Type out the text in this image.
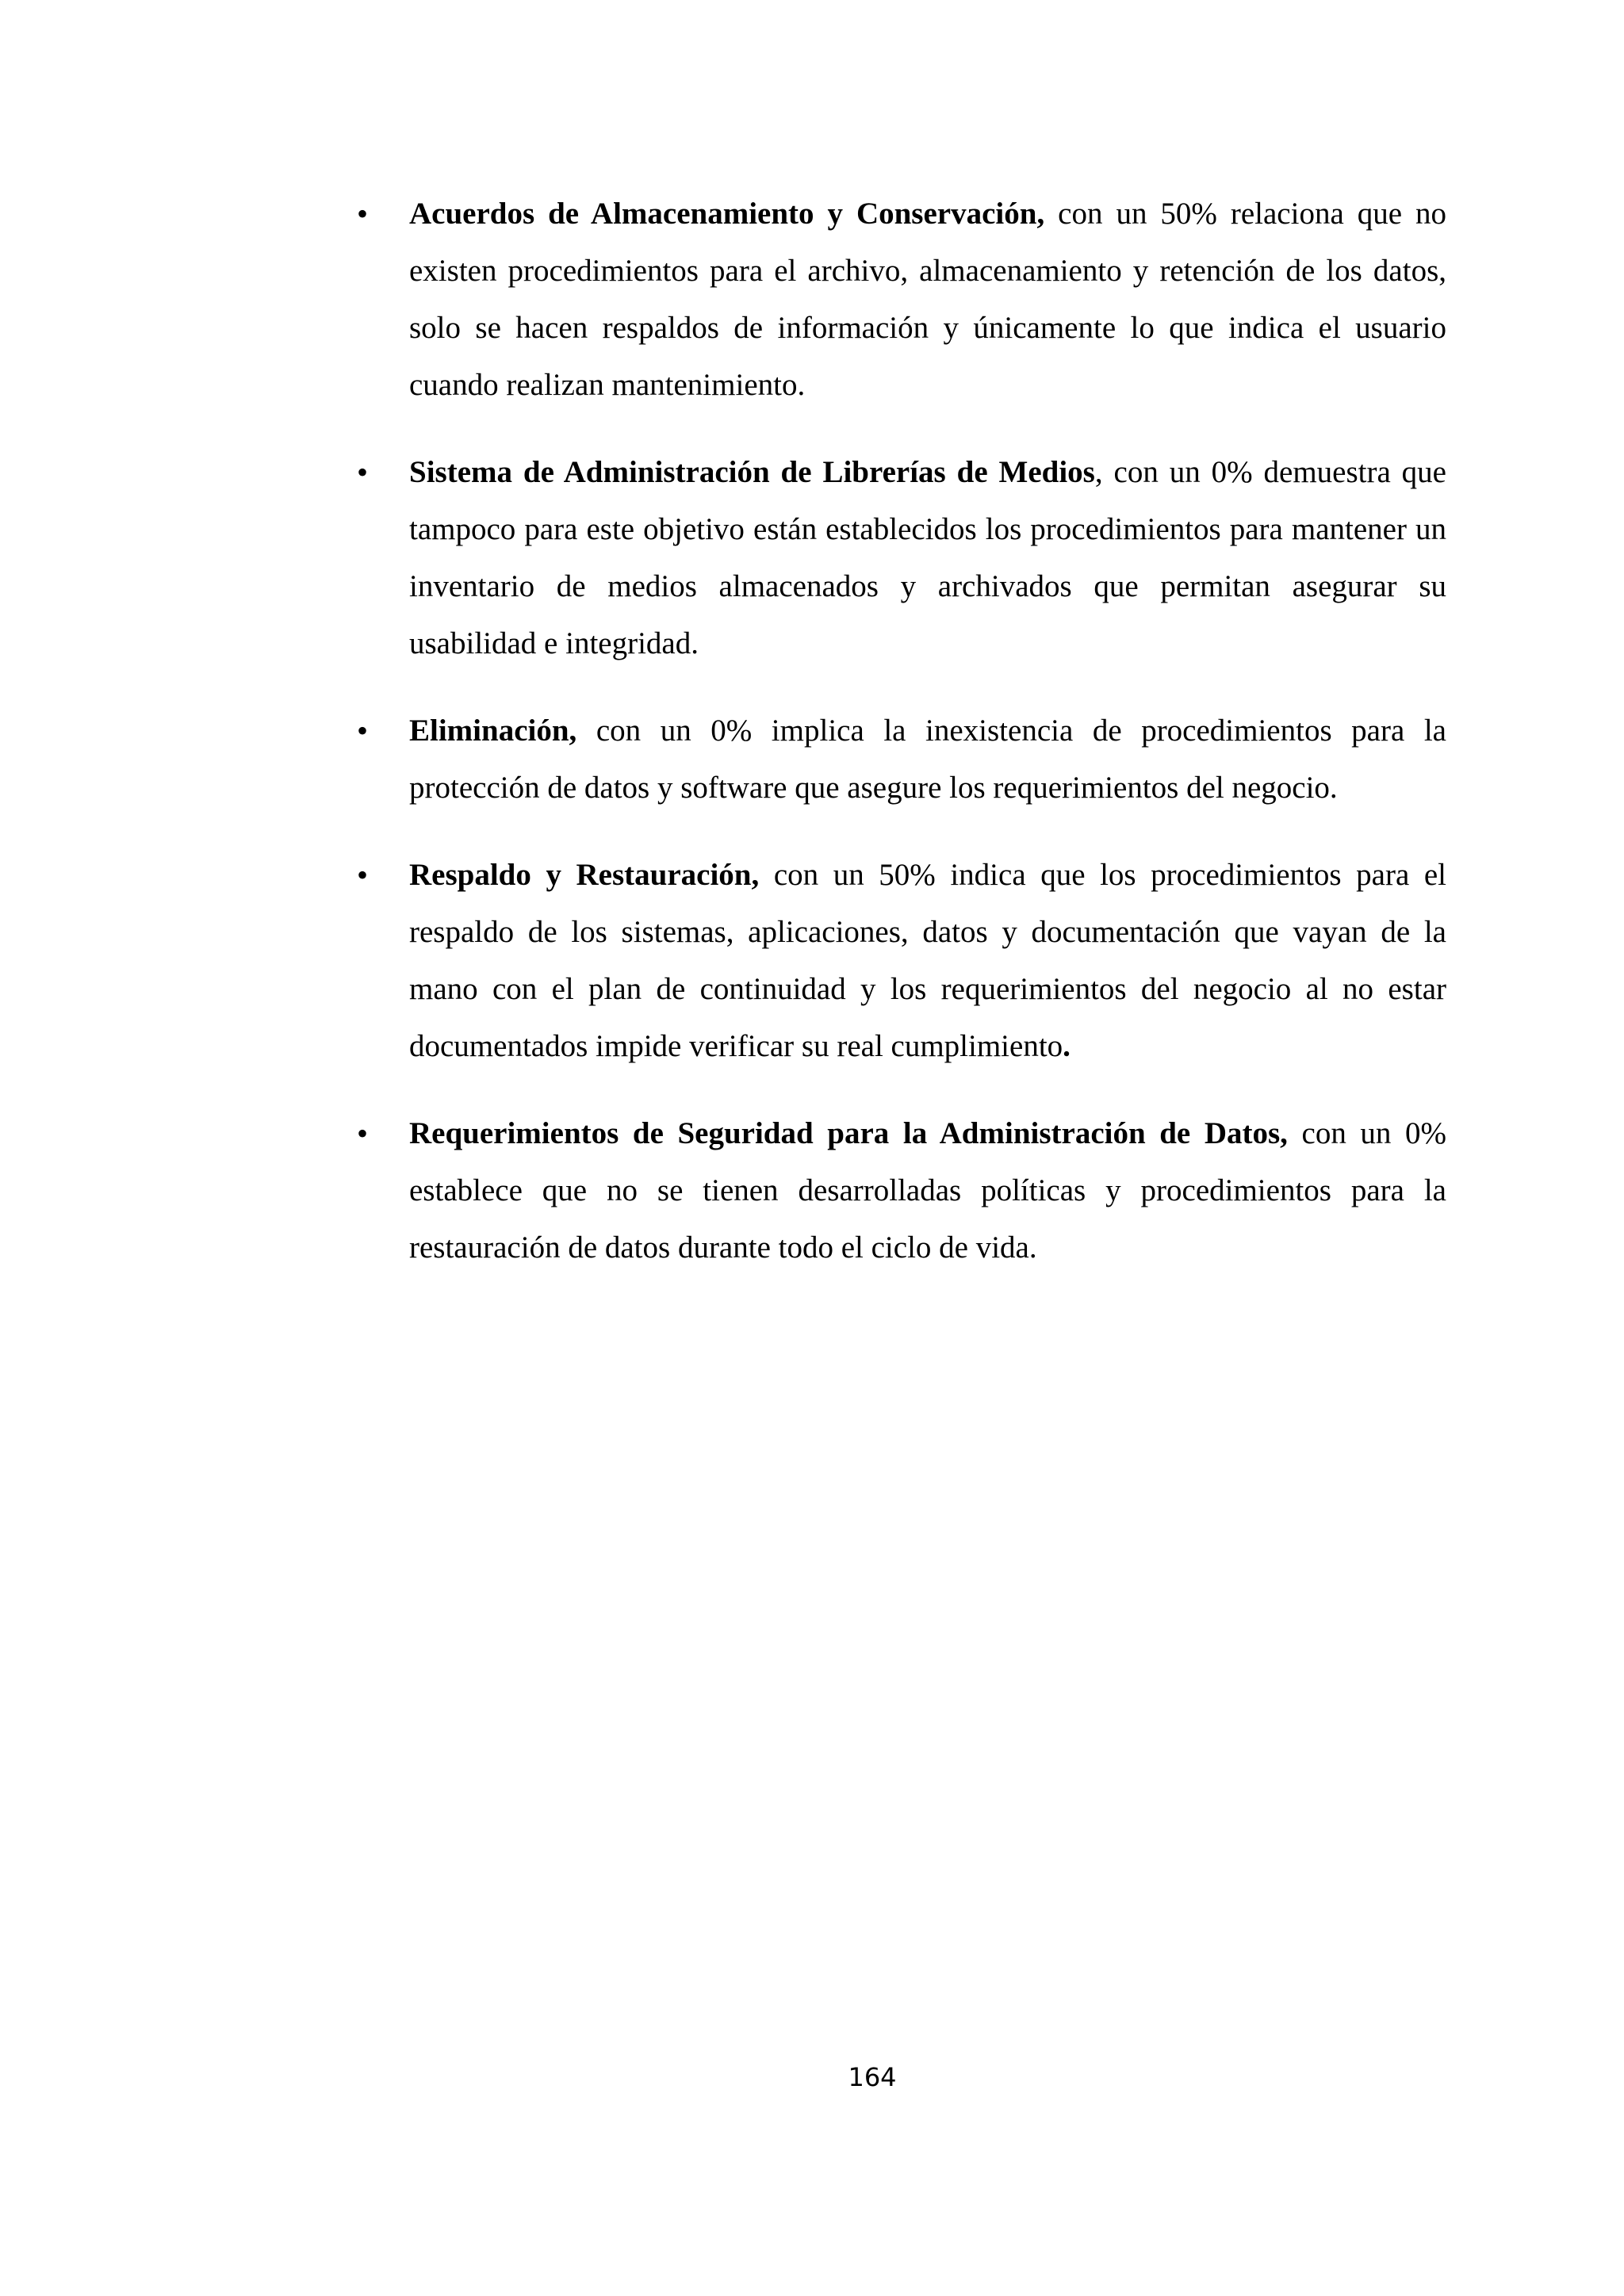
• Acuerdos de Almacenamiento y Conservación, con un 50% relaciona que no existen procedimientos para el archivo, almacenamiento y retención de los datos, solo se hacen respaldos de información y únicamente lo que indica el usuario cuando realizan mantenimiento.

• Sistema de Administración de Librerías de Medios, con un 0% demuestra que tampoco para este objetivo están establecidos los procedimientos para mantener un inventario de medios almacenados y archivados que permitan asegurar su usabilidad e integridad.

• Eliminación, con un 0% implica la inexistencia de procedimientos para la protección de datos y software que asegure los requerimientos del negocio.

• Respaldo y Restauración, con un 50% indica que los procedimientos para el respaldo de los sistemas, aplicaciones, datos y documentación que vayan de la mano con el plan de continuidad y los requerimientos del negocio al no estar documentados impide verificar su real cumplimiento.

• Requerimientos de Seguridad para la Administración de Datos, con un 0% establece que no se tienen desarrolladas políticas y procedimientos para la restauración de datos durante todo el ciclo de vida.

164
